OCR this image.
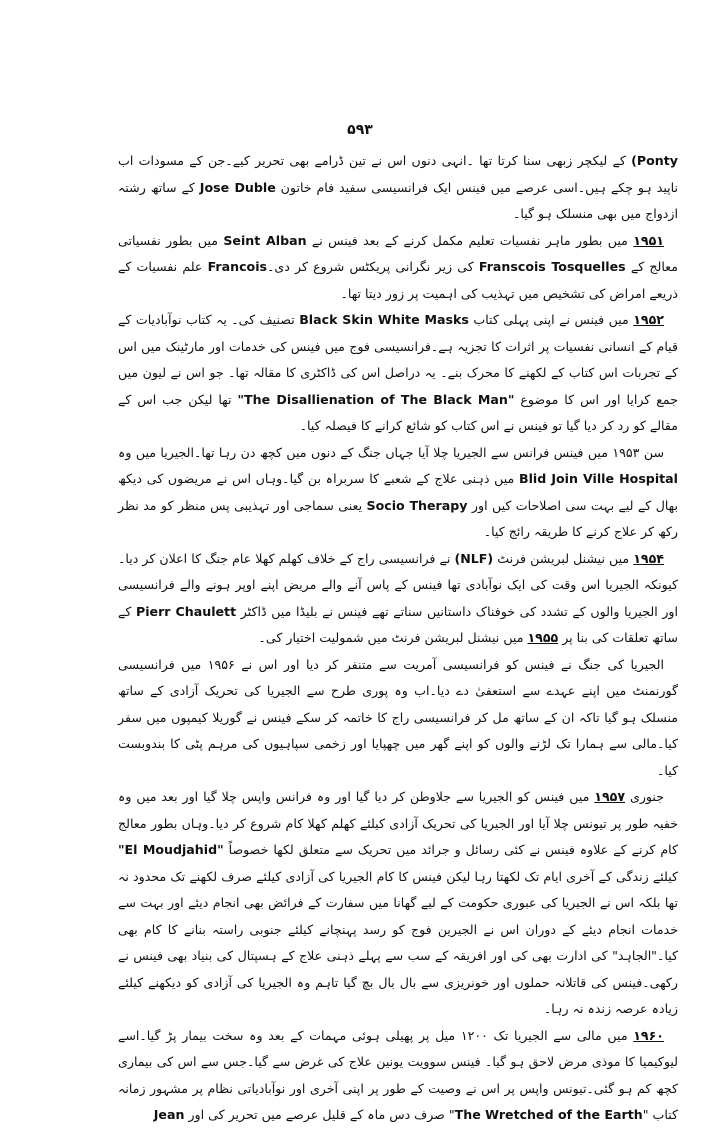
۵۹۳

(Ponty کے لیکچر زبھی سنا کرتا تھا ۔انہی دنوں اس نے تین ڈرامے بھی تحریر کیے۔جن کے مسودات اب ناپید ہو چکے ہیں۔اسی عرصے میں فینس ایک فرانسیسی سفید فام خاتون Jose Duble کے ساتھ رشتہ ازدواج میں بھی منسلک ہو گیا۔

۱۹۵۱ میں بطور ماہر نفسیات تعلیم مکمل کرنے کے بعد فینس نے Seint Alban میں بطور نفسیاتی معالج کے Franscois Tosquelles کی زیر نگرانی پریکٹس شروع کر دی۔Francois علم نفسیات کے ذریعے امراض کی تشخیص میں تہذیب کی اہمیت پر زور دیتا تھا۔

۱۹۵۲ میں فینس نے اپنی پہلی کتاب Black Skin White Masks تصنیف کی۔ یہ کتاب نوآبادیات کے قیام کے انسانی نفسیات پر اثرات کا تجزیہ ہے۔فرانسیسی فوج میں فینس کی خدمات اور مارٹینک میں اس کے تجربات اس کتاب کے لکھنے کا محرک بنے۔ یہ دراصل اس کی ڈاکٹری کا مقالہ تھا۔ جو اس نے لیون میں جمع کرایا اور اس کا موضوع "The Disallienation of The Black Man" تھا لیکن جب اس کے مقالے کو رد کر دیا گیا تو فینس نے اس کتاب کو شائع کرانے کا فیصلہ کیا۔

سن ۱۹۵۳ میں فینس فرانس سے الجیریا چلا آیا جہاں جنگ کے دنوں میں کچھ دن رہا تھا۔الجیریا میں وہ Blid Join Ville Hospital میں ذہنی علاج کے شعبے کا سربراہ بن گیا۔وہاں اس نے مریضوں کی دیکھ بھال کے لیے بہت سی اصلاحات کیں اور Socio Therapy یعنی سماجی اور تہذیبی پس منظر کو مد نظر رکھ کر علاج کرنے کا طریقہ رائج کیا۔

۱۹۵۴ میں نیشنل لبریشن فرنٹ (NLF) نے فرانسیسی راج کے خلاف کھلم کھلا عام جنگ کا اعلان کر دیا۔کیونکہ الجیریا اس وقت کی ایک نوآبادی تھا فینس کے پاس آنے والے مریض اپنے اوپر ہونے والے فرانسیسی اور الجیریا والوں کے تشدد کی خوفناک داستانیں سناتے تھے فینس نے بلیڈا میں ڈاکٹر Pierr Chaulett کے ساتھ تعلقات کی بنا پر ۱۹۵۵ میں نیشنل لبریشن فرنٹ میں شمولیت اختیار کی۔

الجیریا کی جنگ نے فینس کو فرانسیسی آمریت سے متنفر کر دیا اور اس نے ۱۹۵۶ میں فرانسیسی گورنمنٹ میں اپنے عہدے سے استعفیٰ دے دیا۔اب وہ پوری طرح سے الجیریا کی تحریک آزادی کے ساتھ منسلک ہو گیا تاکہ ان کے ساتھ مل کر فرانسیسی راج کا خاتمہ کر سکے فینس نے گوریلا کیمپوں میں سفر کیا۔مالی سے ہمارا تک لڑنے والوں کو اپنے گھر میں چھپایا اور زخمی سپاہیوں کی مرہم پٹی کا بندوبست کیا۔

جنوری ۱۹۵۷ میں فینس کو الجیریا سے جلاوطن کر دیا گیا اور وہ فرانس واپس چلا گیا اور بعد میں وہ خفیہ طور پر تیونس چلا آیا اور الجیریا کی تحریک آزادی کیلئے کھلم کھلا کام شروع کر دیا۔وہاں بطور معالج کام کرنے کے علاوہ فینس نے کئی رسائل و جرائد میں تحریک سے متعلق لکھا خصوصاً "El Moudjahid" کیلئے زندگی کے آخری ایام تک لکھتا رہا لیکن فینس کا کام الجیریا کی آزادی کیلئے صرف لکھنے تک محدود نہ تھا بلکہ اس نے الجیریا کی عبوری حکومت کے لیے گھانا میں سفارت کے فرائض بھی انجام دیئے اور بہت سے خدمات انجام دیئے کے دوران اس نے الجیرین فوج کو رسد پہنچانے کیلئے جنوبی راستہ بنانے کا کام بھی کیا۔"الجاہد" کی ادارت بھی کی اور افریقہ کے سب سے پہلے ذہنی علاج کے ہسپتال کی بنیاد بھی فینس نے رکھی۔فینس کی قاتلانہ حملوں اور خونریزی سے بال بال بچ گیا تاہم وہ الجیریا کی آزادی کو دیکھنے کیلئے زیادہ عرصہ زندہ نہ رہا۔

۱۹۶۰ میں مالی سے الجیریا تک ۱۲۰۰ میل پر پھیلی ہوئی مہمات کے بعد وہ سخت بیمار پڑ گیا۔اسے لیوکیمیا کا موذی مرض لاحق ہو گیا۔ فینس سوویت یونین علاج کی غرض سے گیا۔جس سے اس کی بیماری کچھ کم ہو گئی۔تیونس واپس پر اس نے وصیت کے طور پر اپنی آخری اور نوآبادیاتی نظام پر مشہور زمانہ کتاب "The Wretched of the Earth" صرف دس ماہ کے قلیل عرصے میں تحریر کی اور Jean
